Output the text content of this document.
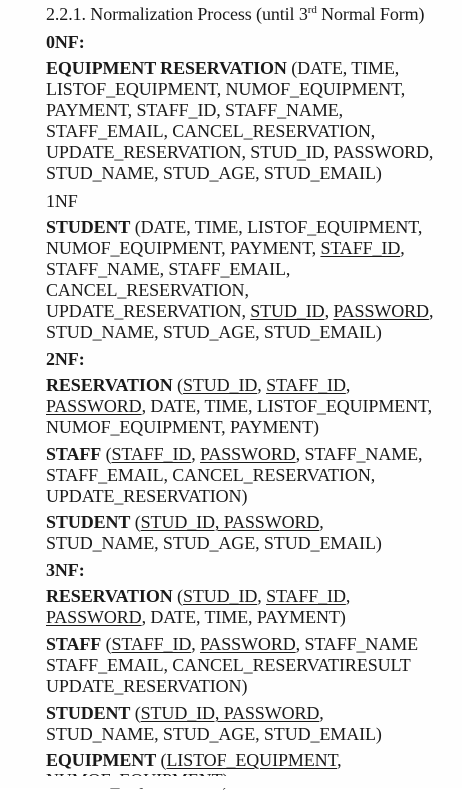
2.2.1. Normalization Process (until 3rd Normal Form)
0NF:
EQUIPMENT RESERVATION (DATE, TIME,
LISTOF_EQUIPMENT, NUMOF_EQUIPMENT,
PAYMENT, STAFF_ID, STAFF_NAME,
STAFF_EMAIL, CANCEL_RESERVATION,
UPDATE_RESERVATION, STUD_ID, PASSWORD,
STUD_NAME, STUD_AGE, STUD_EMAIL)
1NF
STUDENT (DATE, TIME, LISTOF_EQUIPMENT,
NUMOF_EQUIPMENT, PAYMENT, STAFF_ID,
STAFF_NAME, STAFF_EMAIL,
CANCEL_RESERVATION,
UPDATE_RESERVATION, STUD_ID, PASSWORD,
STUD_NAME, STUD_AGE, STUD_EMAIL)
2NF:
RESERVATION (STUD_ID, STAFF_ID,
PASSWORD, DATE, TIME, LISTOF_EQUIPMENT,
NUMOF_EQUIPMENT, PAYMENT)
STAFF (STAFF_ID, PASSWORD, STAFF_NAME,
STAFF_EMAIL, CANCEL_RESERVATION,
UPDATE_RESERVATION)
STUDENT (STUD_ID, PASSWORD,
STUD_NAME, STUD_AGE, STUD_EMAIL)
3NF:
RESERVATION (STUD_ID, STAFF_ID,
PASSWORD, DATE, TIME, PAYMENT)
STAFF (STAFF_ID, PASSWORD, STAFF_NAME
STAFF_EMAIL, CANCEL_RESERVATIRESULT
UPDATE_RESERVATION)
STUDENT (STUD_ID, PASSWORD,
STUD_NAME, STUD_AGE, STUD_EMAIL)
EQUIPMENT (LISTOF_EQUIPMENT,
